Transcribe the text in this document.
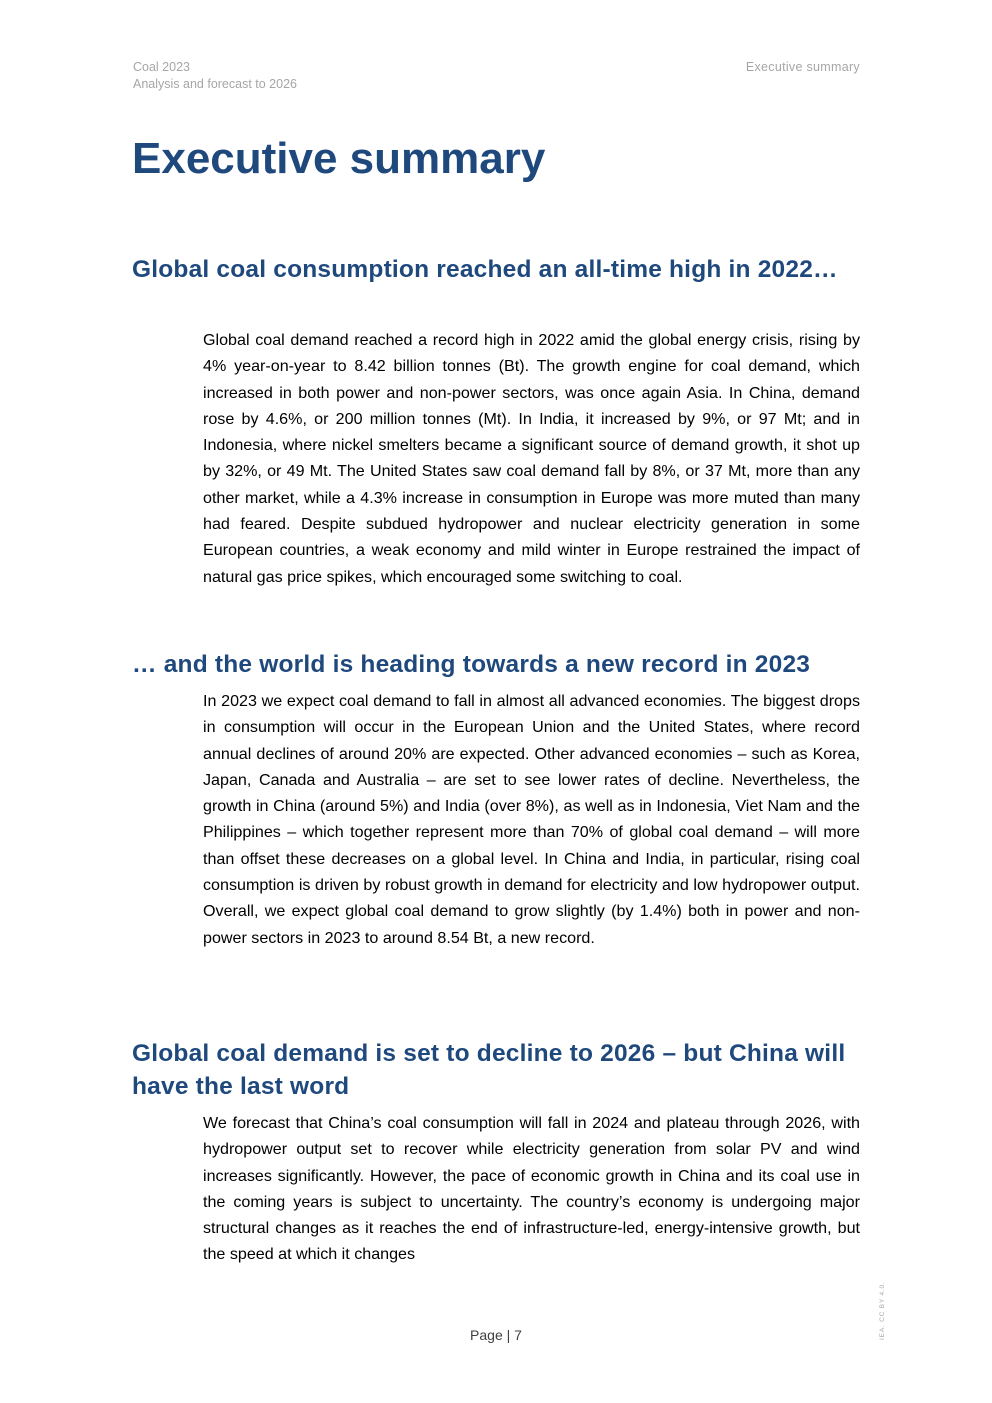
Coal 2023
Analysis and forecast to 2026
Executive summary
Executive summary
Global coal consumption reached an all-time high in 2022…

Global coal demand reached a record high in 2022 amid the global energy crisis, rising by 4% year-on-year to 8.42 billion tonnes (Bt). The growth engine for coal demand, which increased in both power and non-power sectors, was once again Asia. In China, demand rose by 4.6%, or 200 million tonnes (Mt). In India, it increased by 9%, or 97 Mt; and in Indonesia, where nickel smelters became a significant source of demand growth, it shot up by 32%, or 49 Mt. The United States saw coal demand fall by 8%, or 37 Mt, more than any other market, while a 4.3% increase in consumption in Europe was more muted than many had feared. Despite subdued hydropower and nuclear electricity generation in some European countries, a weak economy and mild winter in Europe restrained the impact of natural gas price spikes, which encouraged some switching to coal.

… and the world is heading towards a new record in 2023

In 2023 we expect coal demand to fall in almost all advanced economies. The biggest drops in consumption will occur in the European Union and the United States, where record annual declines of around 20% are expected. Other advanced economies – such as Korea, Japan, Canada and Australia – are set to see lower rates of decline. Nevertheless, the growth in China (around 5%) and India (over 8%), as well as in Indonesia, Viet Nam and the Philippines – which together represent more than 70% of global coal demand – will more than offset these decreases on a global level. In China and India, in particular, rising coal consumption is driven by robust growth in demand for electricity and low hydropower output. Overall, we expect global coal demand to grow slightly (by 1.4%) both in power and non-power sectors in 2023 to around 8.54 Bt, a new record.

Global coal demand is set to decline to 2026 – but China will have the last word

We forecast that China’s coal consumption will fall in 2024 and plateau through 2026, with hydropower output set to recover while electricity generation from solar PV and wind increases significantly. However, the pace of economic growth in China and its coal use in the coming years is subject to uncertainty. The country’s economy is undergoing major structural changes as it reaches the end of infrastructure-led, energy-intensive growth, but the speed at which it changes

Page | 7	IEA. CC BY 4.0.
